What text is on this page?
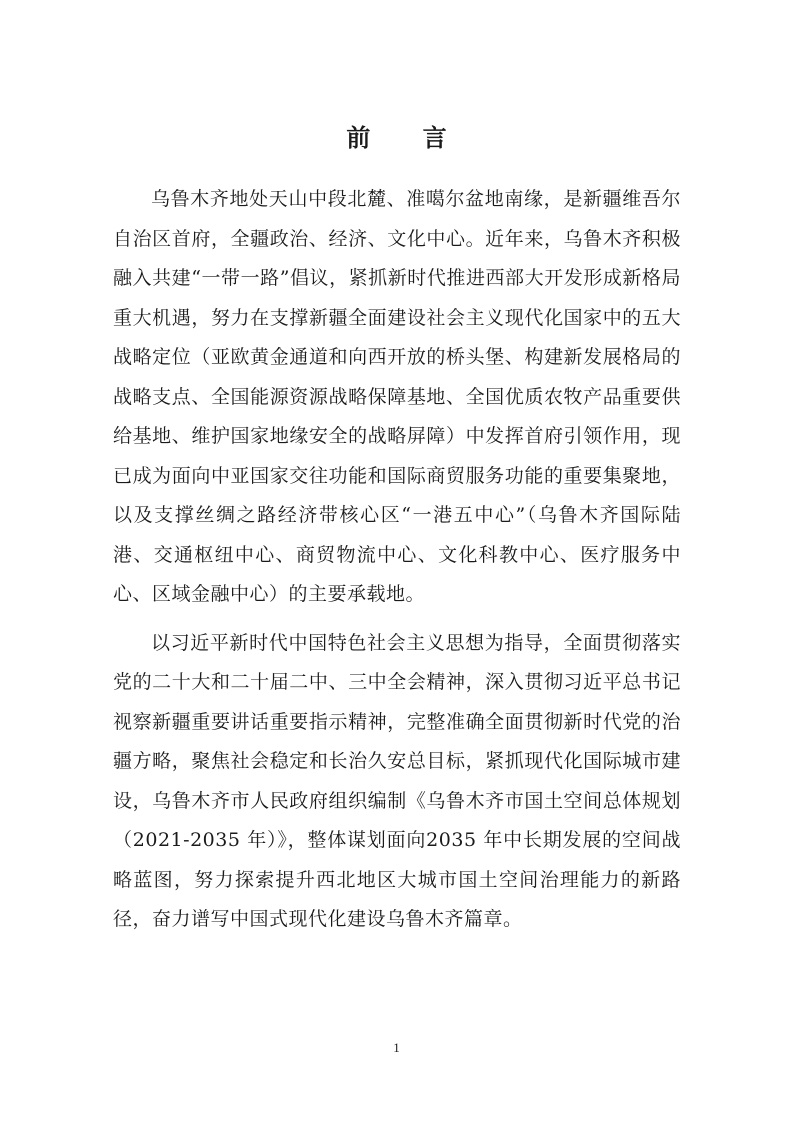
前 言

乌鲁木齐地处天山中段北麓、准噶尔盆地南缘，是新疆维吾尔自治区首府，全疆政治、经济、文化中心。近年来，乌鲁木齐积极融入共建“一带一路”倡议，紧抓新时代推进西部大开发形成新格局重大机遇，努力在支撑新疆全面建设社会主义现代化国家中的五大战略定位（亚欧黄金通道和向西开放的桥头堡、构建新发展格局的战略支点、全国能源资源战略保障基地、全国优质农牧产品重要供给基地、维护国家地缘安全的战略屏障）中发挥首府引领作用，现已成为面向中亚国家交往功能和国际商贸服务功能的重要集聚地，以及支撑丝绸之路经济带核心区“一港五中心”（乌鲁木齐国际陆港、交通枢纽中心、商贸物流中心、文化科教中心、医疗服务中心、区域金融中心）的主要承载地。

以习近平新时代中国特色社会主义思想为指导，全面贯彻落实党的二十大和二十届二中、三中全会精神，深入贯彻习近平总书记视察新疆重要讲话重要指示精神，完整准确全面贯彻新时代党的治疆方略，聚焦社会稳定和长治久安总目标，紧抓现代化国际城市建设，乌鲁木齐市人民政府组织编制《乌鲁木齐市国土空间总体规划（2021-2035 年）》，整体谋划面向2035 年中长期发展的空间战略蓝图，努力探索提升西北地区大城市国土空间治理能力的新路径，奋力谱写中国式现代化建设乌鲁木齐篇章。

1
